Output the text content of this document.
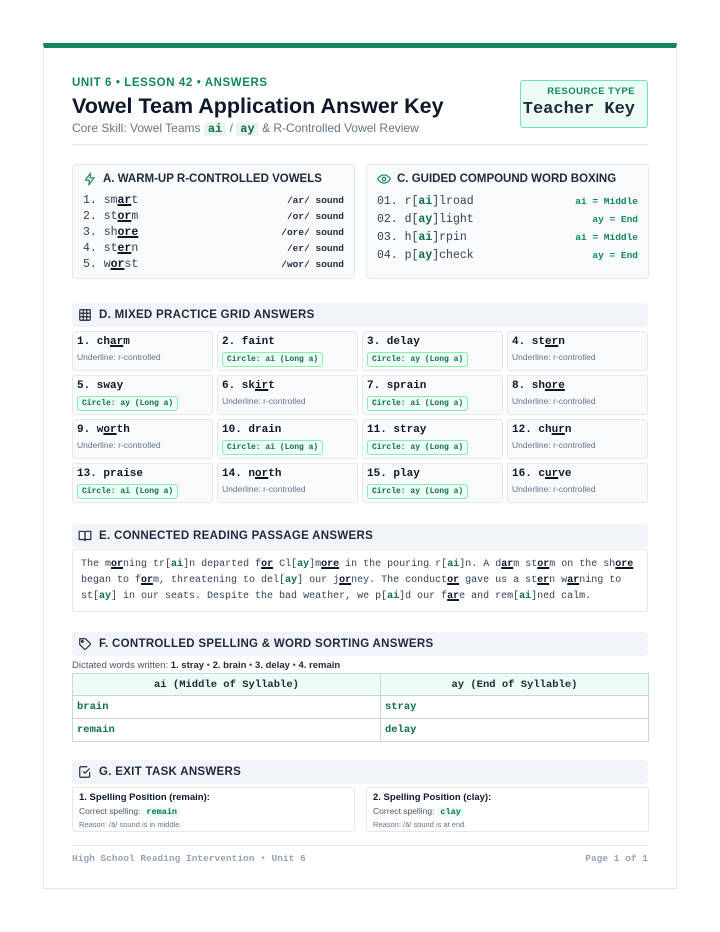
UNIT 6 • LESSON 42 • ANSWERS
Vowel Team Application Answer Key
Core Skill: Vowel Teams ai / ay & R-Controlled Vowel Review
RESOURCE TYPE
Teacher Key
A. WARM-UP R-CONTROLLED VOWELS
1. smart	/ar/ sound
2. storm	/or/ sound
3. shore	/ore/ sound
4. stern	/er/ sound
5. worst	/wor/ sound
C. GUIDED COMPOUND WORD BOXING
01. r[ai]lroad	ai = Middle
02. d[ay]light	ay = End
03. h[ai]rpin	ai = Middle
04. p[ay]check	ay = End
D. MIXED PRACTICE GRID ANSWERS
1. charm
Underline: r-controlled
2. faint
Circle: ai (Long a)
3. delay
Circle: ay (Long a)
4. stern
Underline: r-controlled
5. sway
Circle: ay (Long a)
6. skirt
Underline: r-controlled
7. sprain
Circle: ai (Long a)
8. shore
Underline: r-controlled
9. worth
Underline: r-controlled
10. drain
Circle: ai (Long a)
11. stray
Circle: ay (Long a)
12. churn
Underline: r-controlled
13. praise
Circle: ai (Long a)
14. north
Underline: r-controlled
15. play
Circle: ay (Long a)
16. curve
Underline: r-controlled
E. CONNECTED READING PASSAGE ANSWERS
The morning tr[ai]n departed for Cl[ay]more in the pouring r[ai]n. A darm storm on the shore
began to form, threatening to del[ay] our jorney. The conductor gave us a stern warning to
st[ay] in our seats. Despite the bad weather, we p[ai]d our fare and rem[ai]ned calm.
F. CONTROLLED SPELLING & WORD SORTING ANSWERS
Dictated words written: 1. stray • 2. brain • 3. delay • 4. remain
ai (Middle of Syllable)	ay (End of Syllable)
brain	stray
remain	delay
G. EXIT TASK ANSWERS
1. Spelling Position (remain):
Correct spelling: remain
Reason: /ā/ sound is in middle.
2. Spelling Position (clay):
Correct spelling: clay
Reason: /ā/ sound is at end.
High School Reading Intervention • Unit 6	Page 1 of 1
